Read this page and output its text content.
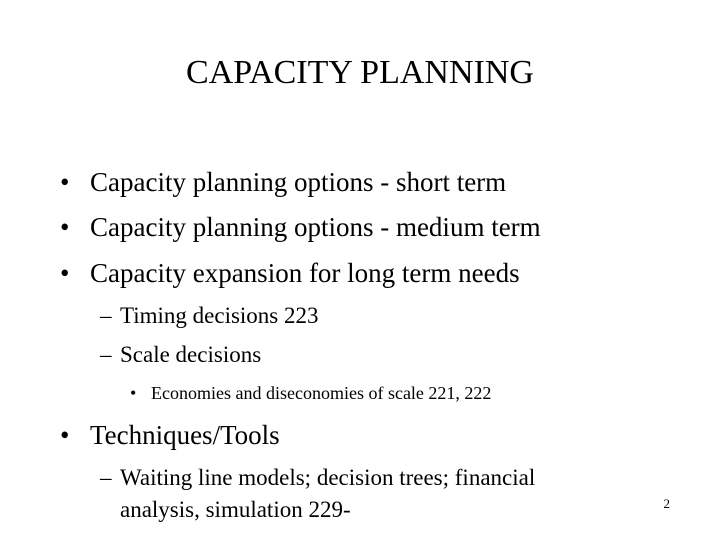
CAPACITY PLANNING
• Capacity planning options - short term
• Capacity planning options - medium term
• Capacity expansion for long term needs
– Timing decisions 223
– Scale decisions
• Economies and diseconomies of scale 221, 222
• Techniques/Tools
– Waiting line models; decision trees; financial
analysis, simulation 229-	2
